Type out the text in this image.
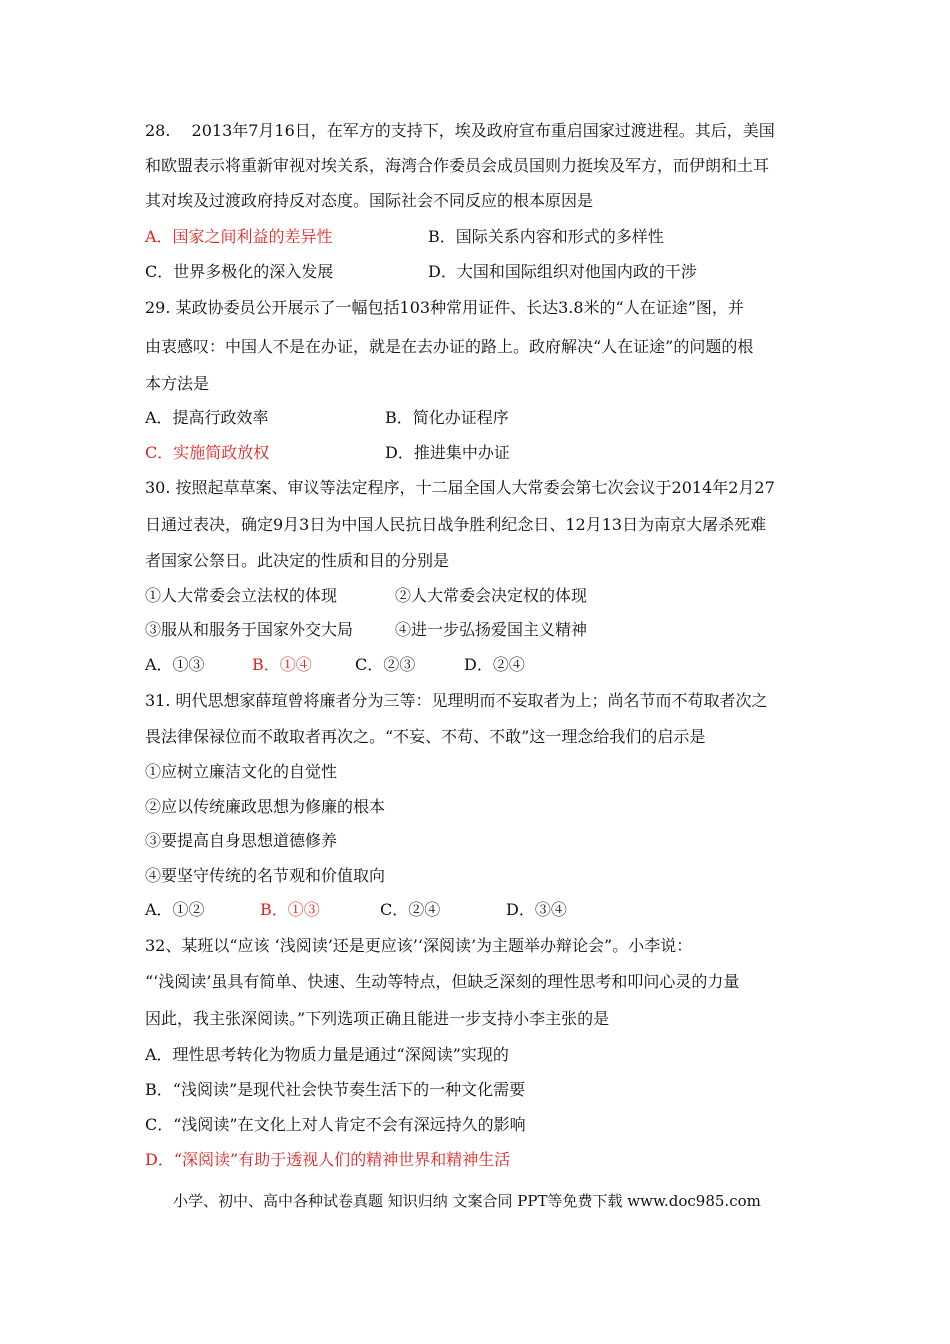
28.　 2013年7月16日，在军方的支持下，埃及政府宣布重启国家过渡进程。其后，美国
和欧盟表示将重新审视对埃关系，海湾合作委员会成员国则力挺埃及军方，而伊朗和土耳
其对埃及过渡政府持反对态度。国际社会不同反应的根本原因是
A．国家之间利益的差异性	B．国际关系内容和形式的多样性
C．世界多极化的深入发展	D．大国和国际组织对他国内政的干涉
29. 某政协委员公开展示了一幅包括103种常用证件、长达3.8米的“人在证途”图，并
由衷感叹：中国人不是在办证，就是在去办证的路上。政府解决“人在证途”的问题的根
本方法是
A．提高行政效率	B．简化办证程序
C．实施简政放权	D．推进集中办证
30. 按照起草草案、审议等法定程序，十二届全国人大常委会第七次会议于2014年2月27
日通过表决，确定9月3日为中国人民抗日战争胜利纪念日、12月13日为南京大屠杀死难
者国家公祭日。此决定的性质和目的分别是
①人大常委会立法权的体现	②人大常委会决定权的体现
③服从和服务于国家外交大局	④进一步弘扬爱国主义精神
A．①③	B．①④	C．②③	D．②④
31. 明代思想家薛瑄曾将廉者分为三等：见理明而不妄取者为上；尚名节而不苟取者次之
畏法律保禄位而不敢取者再次之。“不妄、不苟、不敢”这一理念给我们的启示是
①应树立廉洁文化的自觉性
②应以传统廉政思想为修廉的根本
③要提高自身思想道德修养
④要坚守传统的名节观和价值取向
A．①②	B．①③	C．②④	D．③④
32、某班以“应该 ‘浅阅读’还是更应该’‘深阅读’为主题举办辩论会”。小李说：
“‘浅阅读’虽具有简单、快速、生动等特点，但缺乏深刻的理性思考和叩问心灵的力量
因此，我主张深阅读。”下列选项正确且能进一步支持小李主张的是
A．理性思考转化为物质力量是通过“深阅读”实现的
B．“浅阅读”是现代社会快节奏生活下的一种文化需要
C．“浅阅读”在文化上对人肯定不会有深远持久的影响
D．“深阅读”有助于透视人们的精神世界和精神生活
小学、初中、高中各种试卷真题 知识归纳 文案合同 PPT等免费下载 www.doc985.com
